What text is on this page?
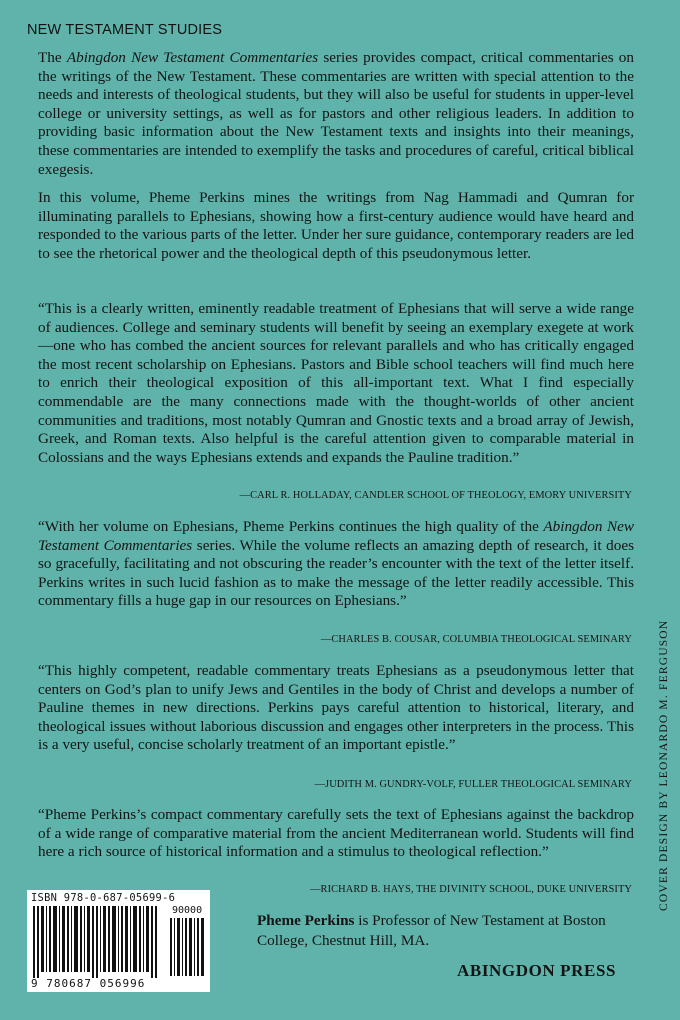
NEW TESTAMENT STUDIES

The Abingdon New Testament Commentaries series provides compact, critical commentaries on the writings of the New Testament. These commentaries are written with special attention to the needs and interests of theological students, but they will also be useful for students in upper-level college or university settings, as well as for pastors and other religious leaders. In addition to providing basic information about the New Testament texts and insights into their meanings, these commentaries are intended to exemplify the tasks and procedures of careful, critical biblical exegesis.

In this volume, Pheme Perkins mines the writings from Nag Hammadi and Qumran for illuminating parallels to Ephesians, showing how a first-century audience would have heard and responded to the various parts of the letter. Under her sure guidance, contemporary readers are led to see the rhetorical power and the theological depth of this pseudonymous letter.

“This is a clearly written, eminently readable treatment of Ephesians that will serve a wide range of audiences. College and seminary students will benefit by seeing an exemplary exegete at work—one who has combed the ancient sources for relevant parallels and who has critically engaged the most recent scholarship on Ephesians. Pastors and Bible school teachers will find much here to enrich their theological exposition of this all-important text. What I find especially commendable are the many connections made with the thought-worlds of other ancient communities and traditions, most notably Qumran and Gnostic texts and a broad array of Jewish, Greek, and Roman texts. Also helpful is the careful attention given to comparable material in Colossians and the ways Ephesians extends and expands the Pauline tradition.”

—CARL R. HOLLADAY, CANDLER SCHOOL OF THEOLOGY, EMORY UNIVERSITY

“With her volume on Ephesians, Pheme Perkins continues the high quality of the Abingdon New Testament Commentaries series. While the volume reflects an amazing depth of research, it does so gracefully, facilitating and not obscuring the reader’s encounter with the text of the letter itself. Perkins writes in such lucid fashion as to make the message of the letter readily accessible. This commentary fills a huge gap in our resources on Ephesians.”

—CHARLES B. COUSAR, COLUMBIA THEOLOGICAL SEMINARY

“This highly competent, readable commentary treats Ephesians as a pseudonymous letter that centers on God’s plan to unify Jews and Gentiles in the body of Christ and develops a number of Pauline themes in new directions. Perkins pays careful attention to historical, literary, and theological issues without laborious discussion and engages other interpreters in the process. This is a very useful, concise scholarly treatment of an important epistle.”

—JUDITH M. GUNDRY-VOLF, FULLER THEOLOGICAL SEMINARY

“Pheme Perkins’s compact commentary carefully sets the text of Ephesians against the backdrop of a wide range of comparative material from the ancient Mediterranean world. Students will find here a rich source of historical information and a stimulus to theological reflection.”

—RICHARD B. HAYS, THE DIVINITY SCHOOL, DUKE UNIVERSITY COVER DESIGN BY LEONARDO M. FERGUSON
ISBN 978-0-687-05699-6
90000
9 780687 056996
Pheme Perkins is Professor of New Testament at Boston College, Chestnut Hill, MA.
ABINGDON PRESS
